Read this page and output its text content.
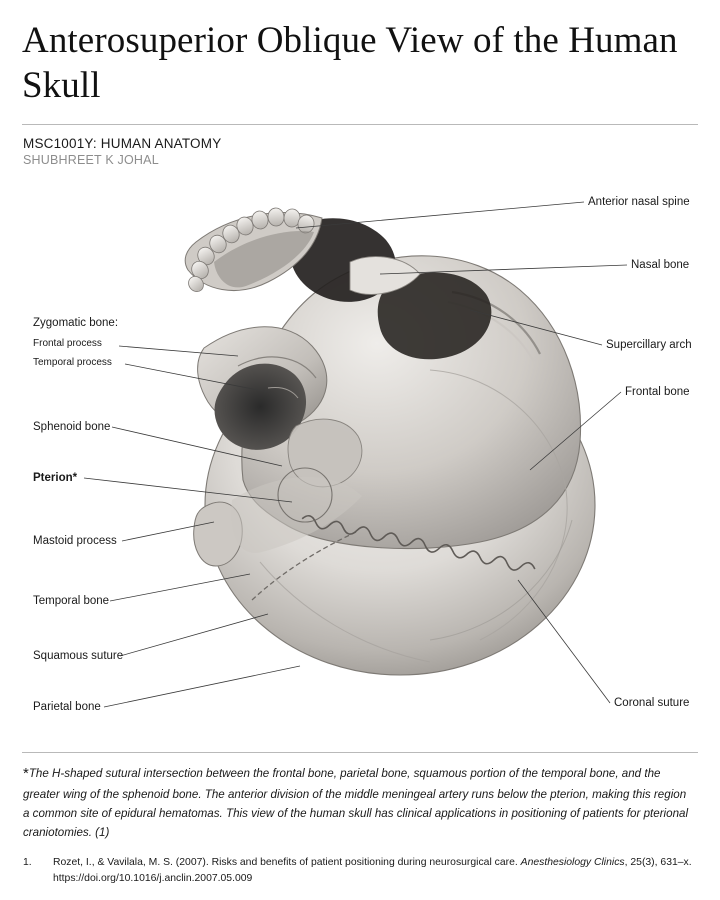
Anterosuperior Oblique View of the Human Skull
MSC1001Y: HUMAN ANATOMY
SHUBHREET K JOHAL
Zygomatic bone:
Frontal process
Temporal process
Sphenoid bone
Pterion*
Mastoid process
Temporal bone
Squamous suture
Parietal bone
Anterior nasal spine
Nasal bone
Supercillary arch
Frontal bone
Coronal suture
*The H-shaped sutural intersection between the frontal bone, parietal bone, squamous portion of the temporal bone, and the greater wing of the sphenoid bone. The anterior division of the middle meningeal artery runs below the pterion, making this region a common site of epidural hematomas. This view of the human skull has clinical applications in positioning of patients for pterional craniotomies. (1)
1.	Rozet, I., & Vavilala, M. S. (2007). Risks and benefits of patient positioning during neurosurgical care. Anesthesiology Clinics, 25(3), 631–x.
https://doi.org/10.1016/j.anclin.2007.05.009
